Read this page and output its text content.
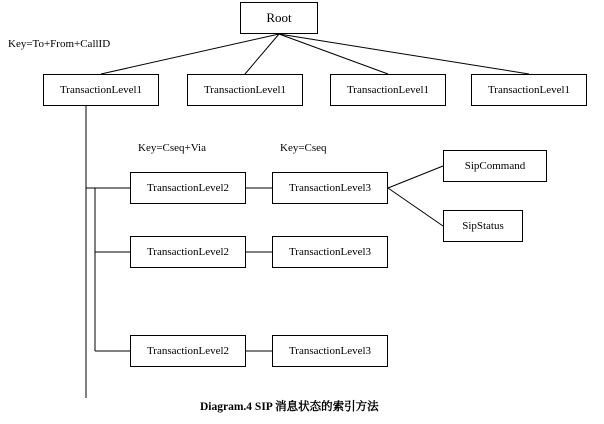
Root
TransactionLevel1	TransactionLevel1	TransactionLevel1	TransactionLevel1
TransactionLevel2
TransactionLevel2
TransactionLevel2
TransactionLevel3
TransactionLevel3
TransactionLevel3
SipCommand
SipStatus
Key=To+From+CallID
Key=Cseq+Via	Key=Cseq
Diagram.4 SIP 消息状态的索引方法
